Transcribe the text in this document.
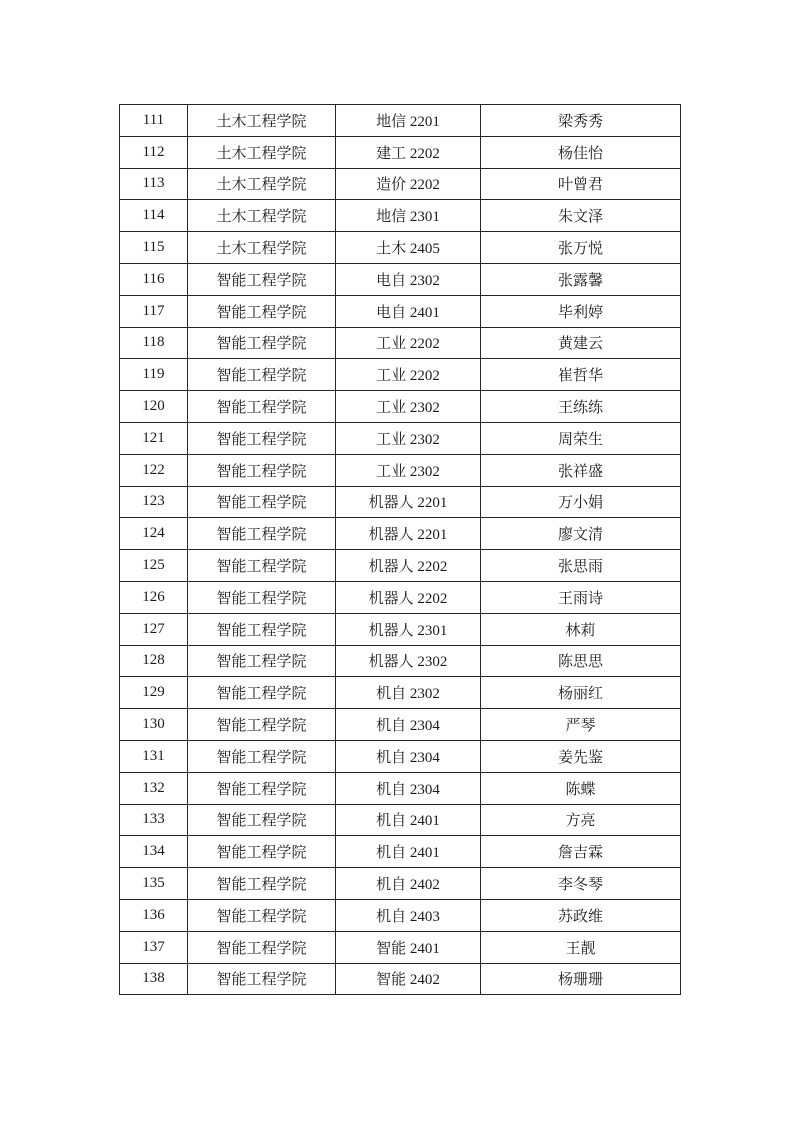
111	土木工程学院	地信 2201	梁秀秀
112	土木工程学院	建工 2202	杨佳怡
113	土木工程学院	造价 2202	叶曾君
114	土木工程学院	地信 2301	朱文泽
115	土木工程学院	土木 2405	张万悦
116	智能工程学院	电自 2302	张露馨
117	智能工程学院	电自 2401	毕利婷
118	智能工程学院	工业 2202	黄建云
119	智能工程学院	工业 2202	崔哲华
120	智能工程学院	工业 2302	王练练
121	智能工程学院	工业 2302	周荣生
122	智能工程学院	工业 2302	张祥盛
123	智能工程学院	机器人 2201	万小娟
124	智能工程学院	机器人 2201	廖文清
125	智能工程学院	机器人 2202	张思雨
126	智能工程学院	机器人 2202	王雨诗
127	智能工程学院	机器人 2301	林莉
128	智能工程学院	机器人 2302	陈思思
129	智能工程学院	机自 2302	杨丽红
130	智能工程学院	机自 2304	严琴
131	智能工程学院	机自 2304	姜先鉴
132	智能工程学院	机自 2304	陈蝶
133	智能工程学院	机自 2401	方亮
134	智能工程学院	机自 2401	詹吉霖
135	智能工程学院	机自 2402	李冬琴
136	智能工程学院	机自 2403	苏政维
137	智能工程学院	智能 2401	王靓
138	智能工程学院	智能 2402	杨珊珊
